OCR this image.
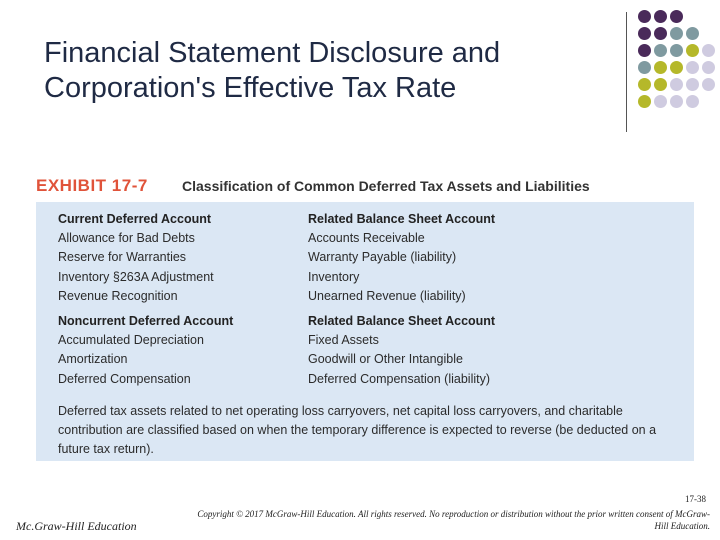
Financial Statement Disclosure and
Corporation's Effective Tax Rate
EXHIBIT 17-7 Classification of Common Deferred Tax Assets and Liabilities
Current Deferred Account	Related Balance Sheet Account
Allowance for Bad Debts	Accounts Receivable
Reserve for Warranties	Warranty Payable (liability)
Inventory §263A Adjustment	Inventory
Revenue Recognition	Unearned Revenue (liability)
Noncurrent Deferred Account	Related Balance Sheet Account
Accumulated Depreciation	Fixed Assets
Amortization	Goodwill or Other Intangible
Deferred Compensation	Deferred Compensation (liability)
Deferred tax assets related to net operating loss carryovers, net capital loss carryovers, and charitable contribution are classified based on when the temporary difference is expected to reverse (be deducted on a future tax return).
Mc.Graw-Hill Education
17-38
Copyright © 2017 McGraw-Hill Education. All rights reserved. No reproduction or distribution without the prior written consent of McGraw-Hill Education.
